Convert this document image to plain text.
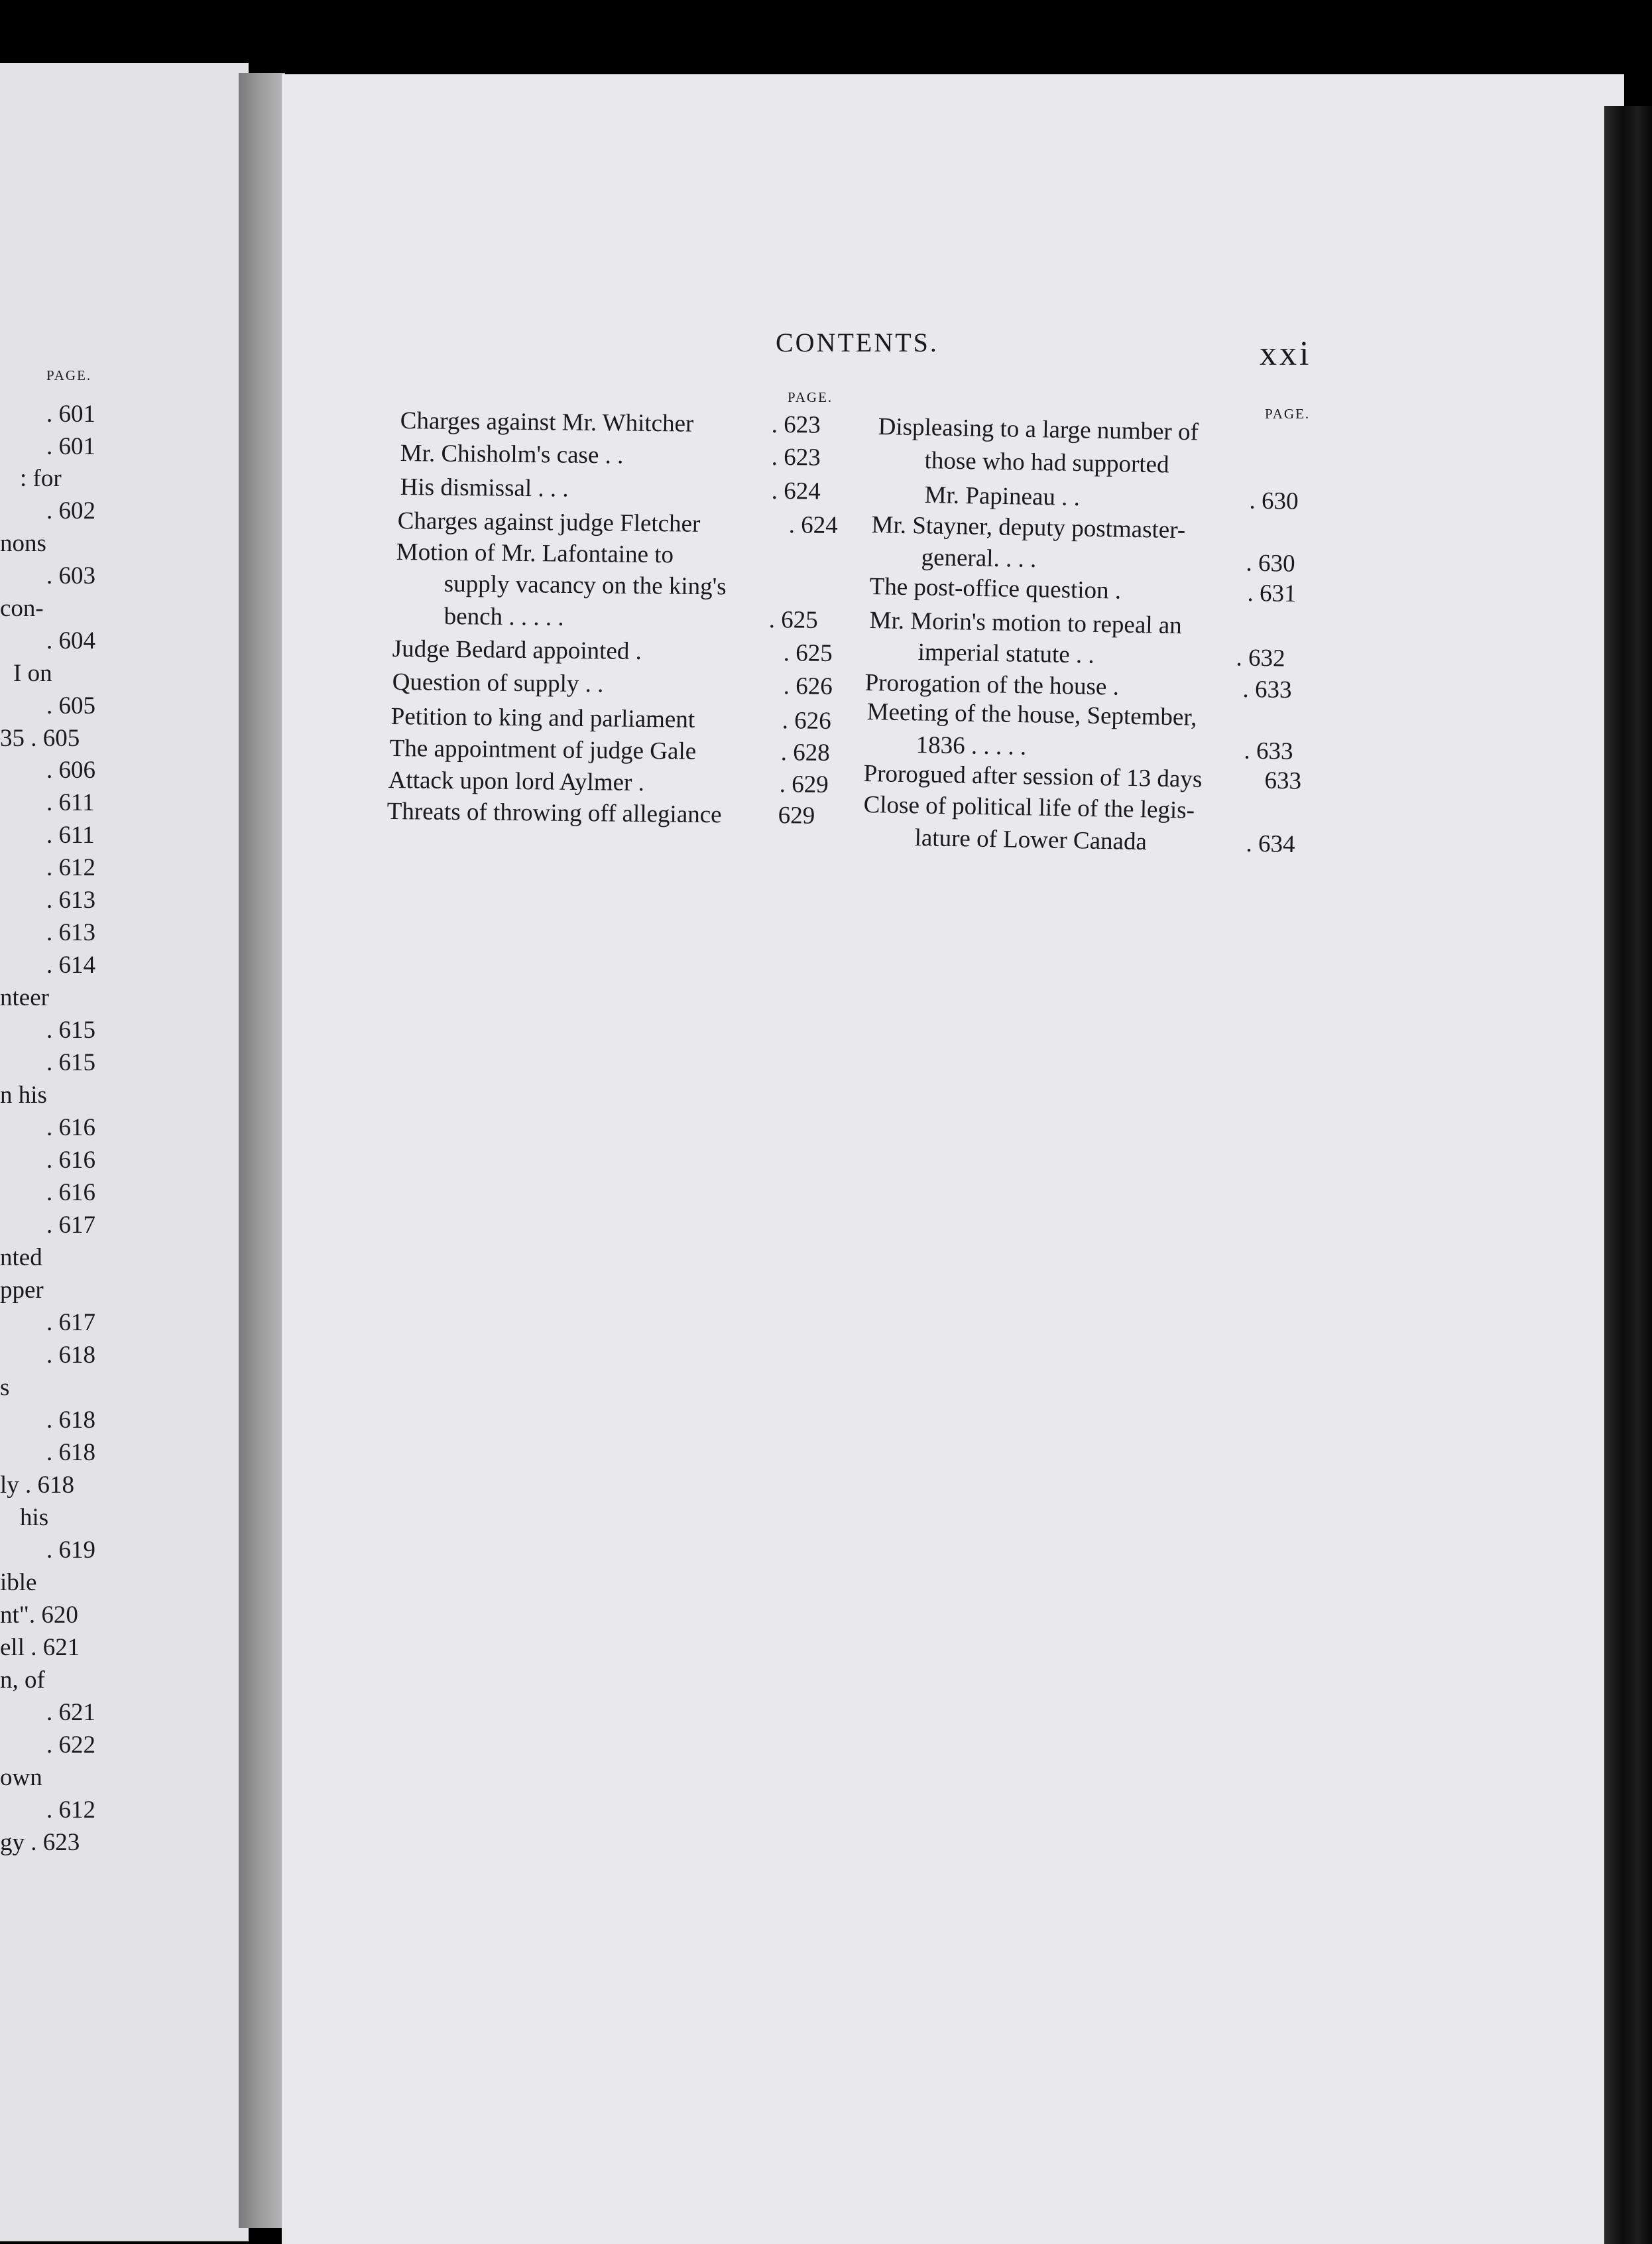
PAGE.
. 601
. 601
: for
. 602
nons
. 603
con-
. 604
I on
. 605
35 . 605
. 606
. 611
. 611
. 612
. 613
. 613
. 614
nteer
. 615
. 615
n his
. 616
. 616
. 616
. 617
nted
pper
. 617
. 618
s
. 618
. 618
ly . 618
his
. 619
ible
nt". 620
ell . 621
n, of
. 621
. 622
own
. 612
gy . 623
CONTENTS.	xxi
PAGE.
PAGE.
Charges against Mr. Whitcher	. 623
Mr. Chisholm's case . .	. 623
His dismissal . . .	. 624
Charges against judge Fletcher	. 624
Motion of Mr. Lafontaine to
supply vacancy on the king's
bench . . . . .	. 625
Judge Bedard appointed .	. 625
Question of supply . .	. 626
Petition to king and parliament	. 626
The appointment of judge Gale	. 628
Attack upon lord Aylmer .	. 629
Threats of throwing off allegiance 629
Displeasing to a large number of
those who had supported
Mr. Papineau . .	. 630
Mr. Stayner, deputy postmaster-
general. . . .	. 630
The post-office question .	. 631
Mr. Morin's motion to repeal an
imperial statute . .	. 632
Prorogation of the house .	. 633
Meeting of the house, September,
1836 . . . . .	. 633
Prorogued after session of 13 days	633
Close of political life of the legis-
lature of Lower Canada	. 634
